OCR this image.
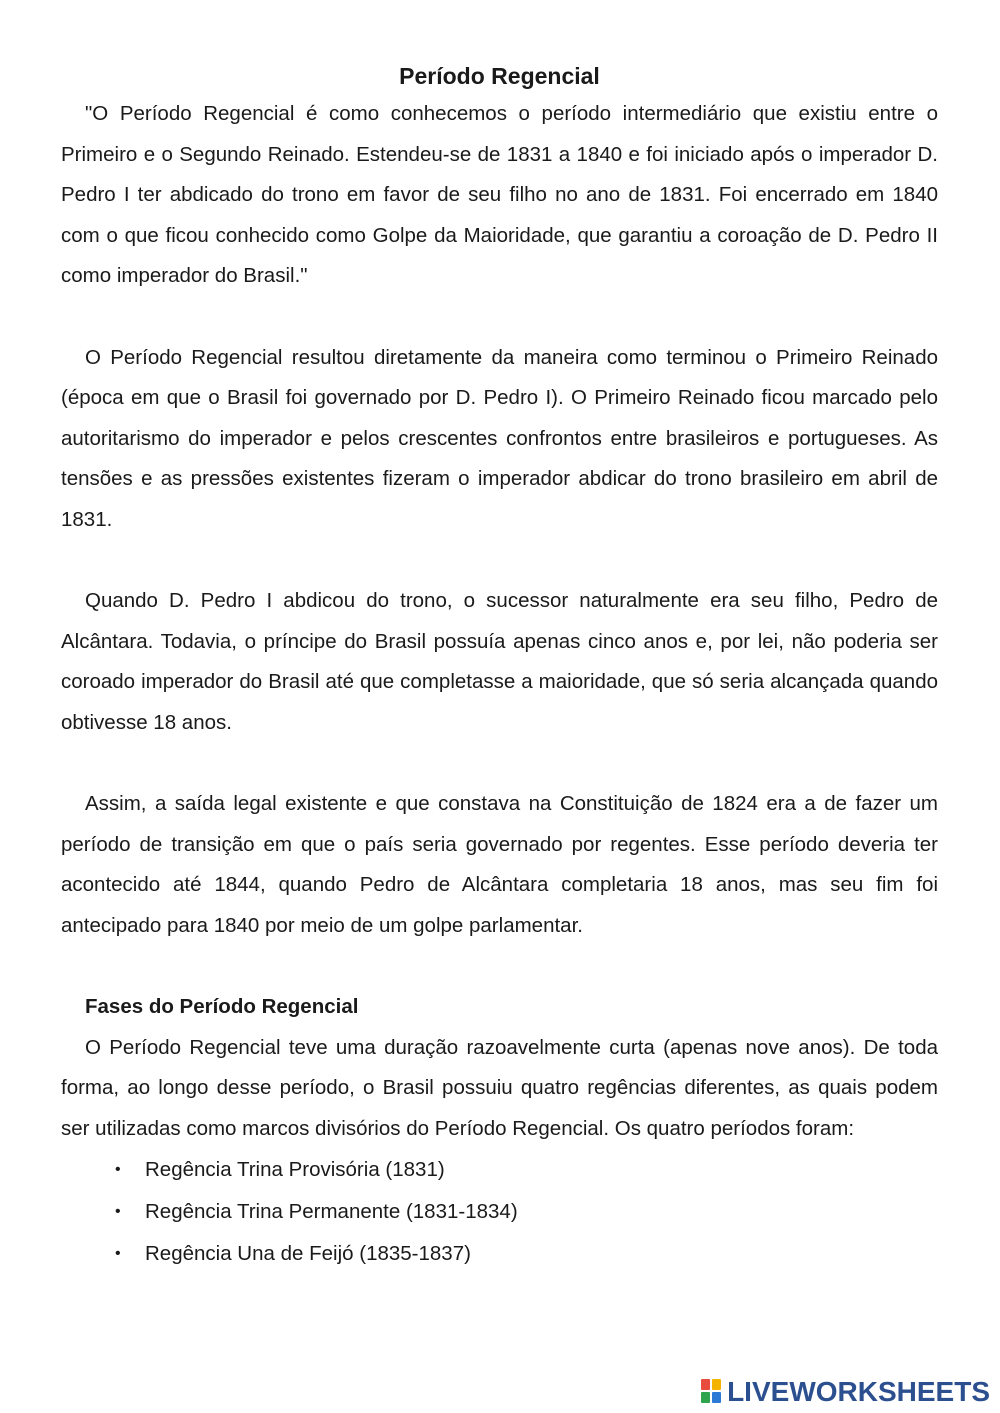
Período Regencial

"O Período Regencial é como conhecemos o período intermediário que existiu entre o Primeiro e o Segundo Reinado. Estendeu-se de 1831 a 1840 e foi iniciado após o imperador D. Pedro I ter abdicado do trono em favor de seu filho no ano de 1831. Foi encerrado em 1840 com o que ficou conhecido como Golpe da Maioridade, que garantiu a coroação de D. Pedro II como imperador do Brasil."

O Período Regencial resultou diretamente da maneira como terminou o Primeiro Reinado (época em que o Brasil foi governado por D. Pedro I). O Primeiro Reinado ficou marcado pelo autoritarismo do imperador e pelos crescentes confrontos entre brasileiros e portugueses. As tensões e as pressões existentes fizeram o imperador abdicar do trono brasileiro em abril de 1831.

Quando D. Pedro I abdicou do trono, o sucessor naturalmente era seu filho, Pedro de Alcântara. Todavia, o príncipe do Brasil possuía apenas cinco anos e, por lei, não poderia ser coroado imperador do Brasil até que completasse a maioridade, que só seria alcançada quando obtivesse 18 anos.

Assim, a saída legal existente e que constava na Constituição de 1824 era a de fazer um período de transição em que o país seria governado por regentes. Esse período deveria ter acontecido até 1844, quando Pedro de Alcântara completaria 18 anos, mas seu fim foi antecipado para 1840 por meio de um golpe parlamentar.

Fases do Período Regencial

O Período Regencial teve uma duração razoavelmente curta (apenas nove anos). De toda forma, ao longo desse período, o Brasil possuiu quatro regências diferentes, as quais podem ser utilizadas como marcos divisórios do Período Regencial. Os quatro períodos foram:

• Regência Trina Provisória (1831)
• Regência Trina Permanente (1831-1834)
• Regência Una de Feijó (1835-1837)
LIVEWORKSHEETS
